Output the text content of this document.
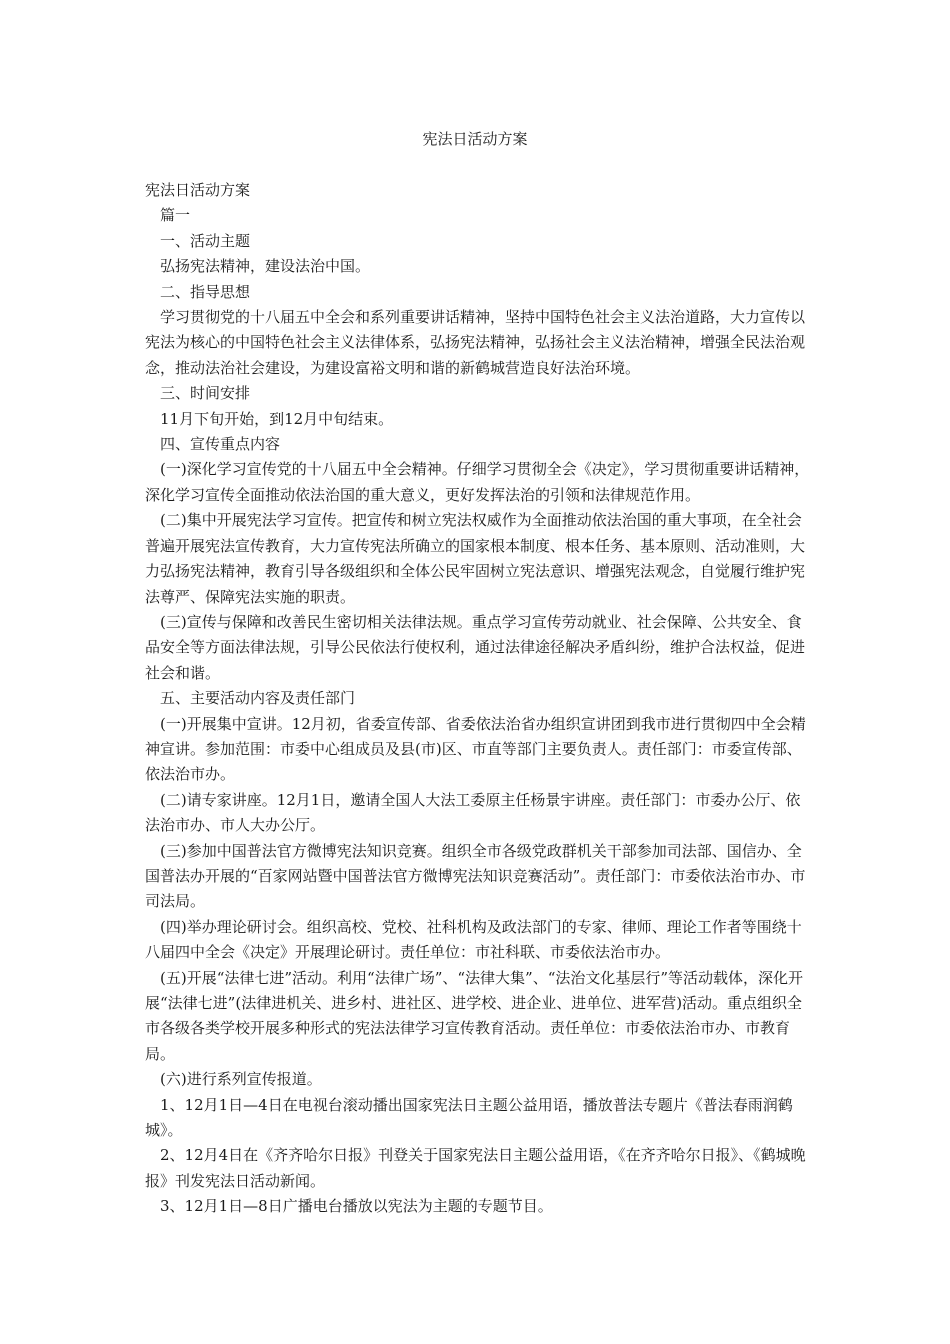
宪法日活动方案

宪法日活动方案

篇一

一、活动主题

弘扬宪法精神，建设法治中国。

二、指导思想

学习贯彻党的十八届五中全会和系列重要讲话精神，坚持中国特色社会主义法治道路，大力宣传以宪法为核心的中国特色社会主义法律体系，弘扬宪法精神，弘扬社会主义法治精神，增强全民法治观念，推动法治社会建设，为建设富裕文明和谐的新鹤城营造良好法治环境。

三、时间安排

11月下旬开始，到12月中旬结束。

四、宣传重点内容

(一)深化学习宣传党的十八届五中全会精神。仔细学习贯彻全会《决定》，学习贯彻重要讲话精神，深化学习宣传全面推动依法治国的重大意义，更好发挥法治的引领和法律规范作用。

(二)集中开展宪法学习宣传。把宣传和树立宪法权威作为全面推动依法治国的重大事项，在全社会普遍开展宪法宣传教育，大力宣传宪法所确立的国家根本制度、根本任务、基本原则、活动准则，大力弘扬宪法精神，教育引导各级组织和全体公民牢固树立宪法意识、增强宪法观念，自觉履行维护宪法尊严、保障宪法实施的职责。

(三)宣传与保障和改善民生密切相关法律法规。重点学习宣传劳动就业、社会保障、公共安全、食品安全等方面法律法规，引导公民依法行使权利，通过法律途径解决矛盾纠纷，维护合法权益，促进社会和谐。

五、主要活动内容及责任部门

(一)开展集中宣讲。12月初，省委宣传部、省委依法治省办组织宣讲团到我市进行贯彻四中全会精神宣讲。参加范围：市委中心组成员及县(市)区、市直等部门主要负责人。责任部门：市委宣传部、依法治市办。

(二)请专家讲座。12月1日，邀请全国人大法工委原主任杨景宇讲座。责任部门：市委办公厅、依法治市办、市人大办公厅。

(三)参加中国普法官方微博宪法知识竞赛。组织全市各级党政群机关干部参加司法部、国信办、全国普法办开展的“百家网站暨中国普法官方微博宪法知识竞赛活动”。责任部门：市委依法治市办、市司法局。

(四)举办理论研讨会。组织高校、党校、社科机构及政法部门的专家、律师、理论工作者等围绕十八届四中全会《决定》开展理论研讨。责任单位：市社科联、市委依法治市办。

(五)开展“法律七进”活动。利用“法律广场”、“法律大集”、“法治文化基层行”等活动载体，深化开展“法律七进”(法律进机关、进乡村、进社区、进学校、进企业、进单位、进军营)活动。重点组织全市各级各类学校开展多种形式的宪法法律学习宣传教育活动。责任单位：市委依法治市办、市教育局。

(六)进行系列宣传报道。

1、12月1日—4日在电视台滚动播出国家宪法日主题公益用语，播放普法专题片《普法春雨润鹤城》。

2、12月4日在《齐齐哈尔日报》刊登关于国家宪法日主题公益用语，《在齐齐哈尔日报》、《鹤城晚报》刊发宪法日活动新闻。

3、12月1日—8日广播电台播放以宪法为主题的专题节目。
